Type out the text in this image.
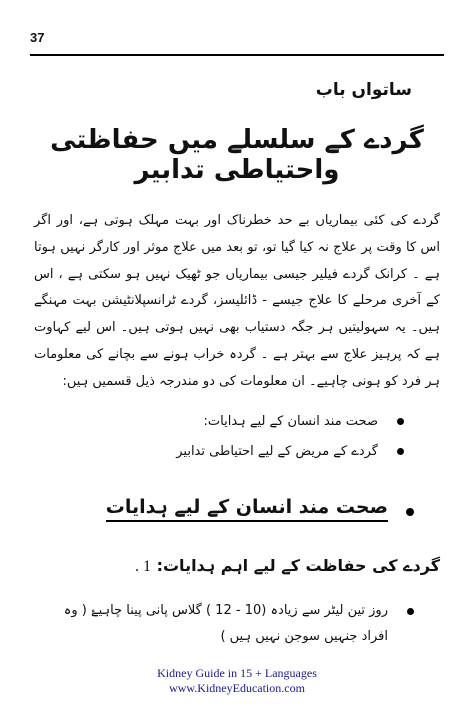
37
ساتواں باب
گردے کے سلسلے میں حفاظتی واحتیاطی تدابیر
گردے کی کئی بیماریاں بے حد خطرناک اور بہت مہلک ہوتی ہے، اور اگر اس کا وقت پر علاج نہ کیا گیا تو، تو بعد میں علاج موثر اور کارگر نہیں ہوتا ہے ۔ کرانک گردے فیلیر جیسی بیماریاں جو ٹھیک نہیں ہو سکتی ہے ، اس کے آخری مرحلے کا علاج جیسے - ڈائلیسز، گردے ٹرانسپلانٹیشن بہت مہنگے ہیں۔ یہ سہولیتیں ہر جگہ دستیاب بھی نہیں ہوتی ہیں۔ اس لیے کہاوت ہے کہ پرہیز علاج سے بہتر ہے ۔ گردہ خراب ہونے سے بچانے کی معلومات ہر فرد کو ہونی چاہیے۔ ان معلومات کی دو مندرجہ ذیل قسمیں ہیں:
صحت مند انسان کے لیے ہدایات:
گردے کے مریض کے لیے احتیاطی تدابیر
صحت مند انسان کے لیے ہدایات
گردے کی حفاظت کے لیے اہم ہدایات: 1 .
روز تین لیٹر سے زیادہ (10 - 12 ) گلاس پانی پینا چاہیۓ ( وہ افراد جنہیں سوجن نہیں ہیں )
Kidney Guide in 15 + Languages
www.KidneyEducation.com
